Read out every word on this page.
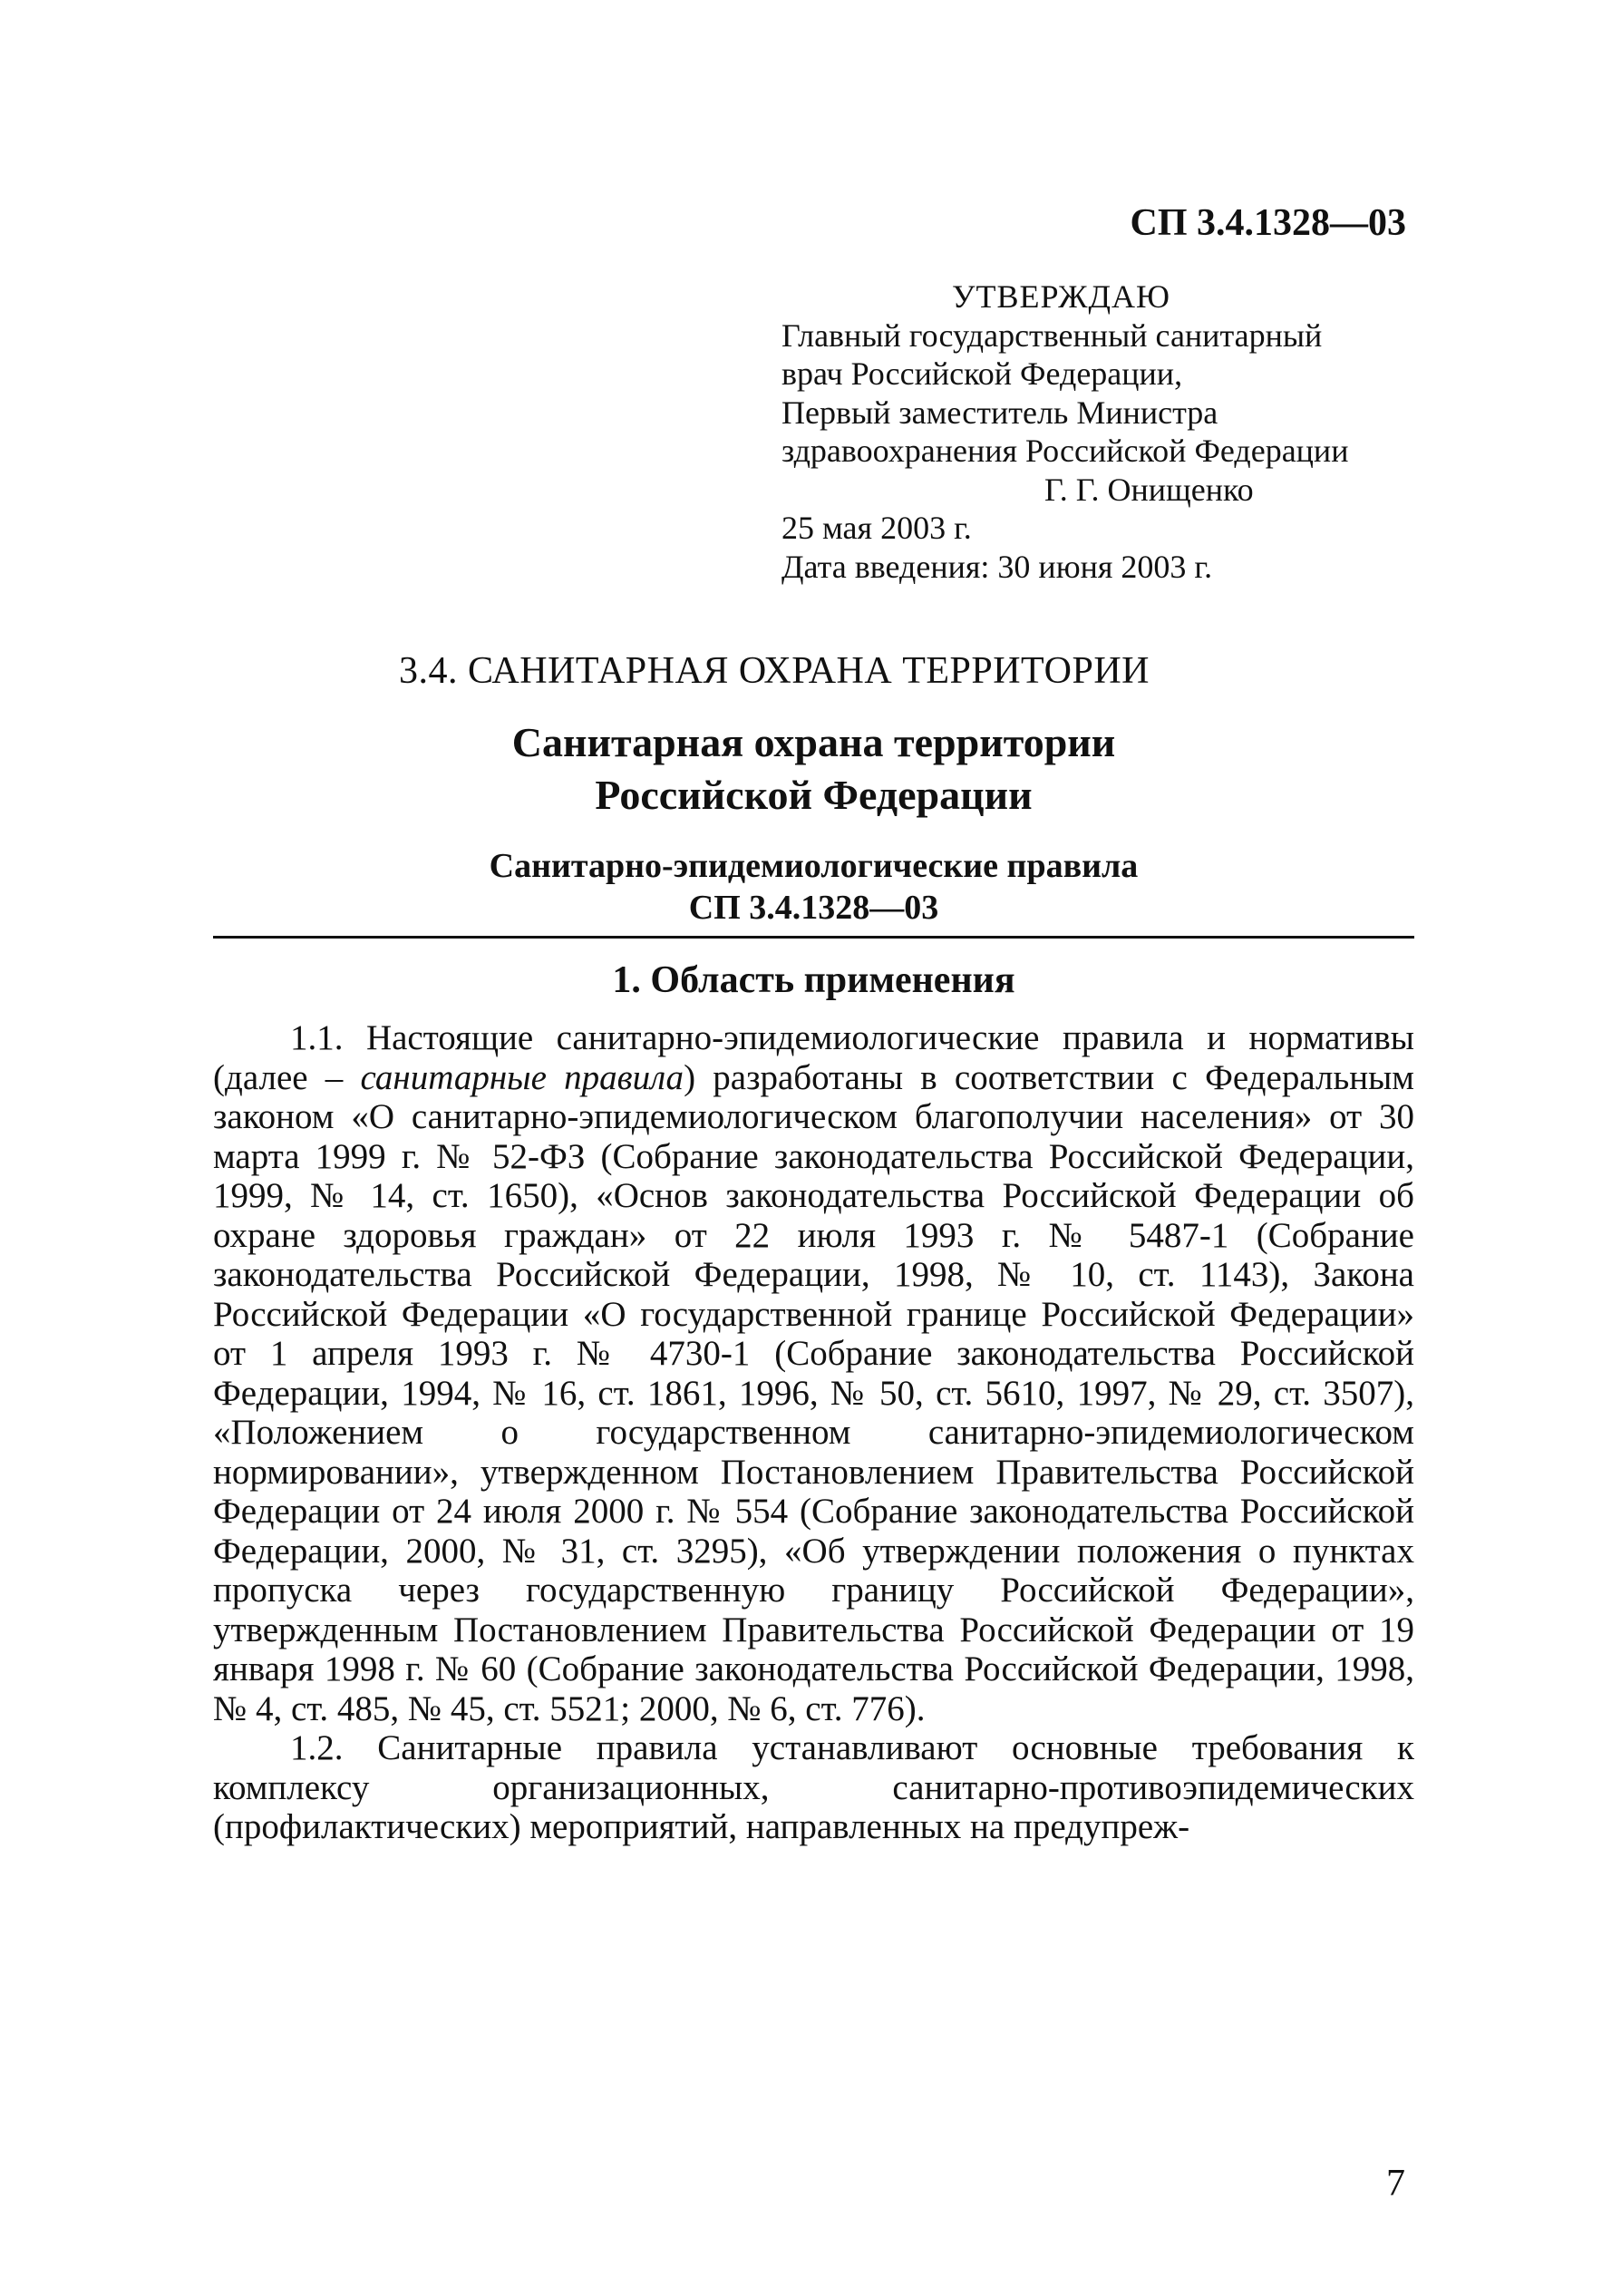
СП 3.4.1328—03
УТВЕРЖДАЮ
Главный государственный санитарный
врач Российской Федерации,
Первый заместитель Министра
здравоохранения Российской Федерации
Г. Г. Онищенко
25 мая 2003 г.
Дата введения: 30 июня 2003 г.
3.4. САНИТАРНАЯ ОХРАНА ТЕРРИТОРИИ
Санитарная охрана территории
Российской Федерации
Санитарно-эпидемиологические правила
СП 3.4.1328—03
1. Область применения

1.1. Настоящие санитарно-эпидемиологические правила и нормативы (далее – санитарные правила) разработаны в соответствии с Федеральным законом «О санитарно-эпидемиологическом благополучии населения» от 30 марта 1999 г. № 52-ФЗ (Собрание законодательства Российской Федерации, 1999, № 14, ст. 1650), «Основ законодательства Российской Федерации об охране здоровья граждан» от 22 июля 1993 г. № 5487-1 (Собрание законодательства Российской Федерации, 1998, № 10, ст. 1143), Закона Российской Федерации «О государственной границе Российской Федерации» от 1 апреля 1993 г. № 4730-1 (Собрание законодательства Российской Федерации, 1994, № 16, ст. 1861, 1996, № 50, ст. 5610, 1997, № 29, ст. 3507), «Положением о государственном санитарно-эпидемиологическом нормировании», утвержденном Постановлением Правительства Российской Федерации от 24 июля 2000 г. № 554 (Собрание законодательства Российской Федерации, 2000, № 31, ст. 3295), «Об утверждении положения о пунктах пропуска через государственную границу Российской Федерации», утвержденным Постановлением Правительства Российской Федерации от 19 января 1998 г. № 60 (Собрание законодательства Российской Федерации, 1998, № 4, ст. 485, № 45, ст. 5521; 2000, № 6, ст. 776).

1.2. Санитарные правила устанавливают основные требования к комплексу организационных, санитарно-противоэпидемических (профилактических) мероприятий, направленных на предупреж-

7
